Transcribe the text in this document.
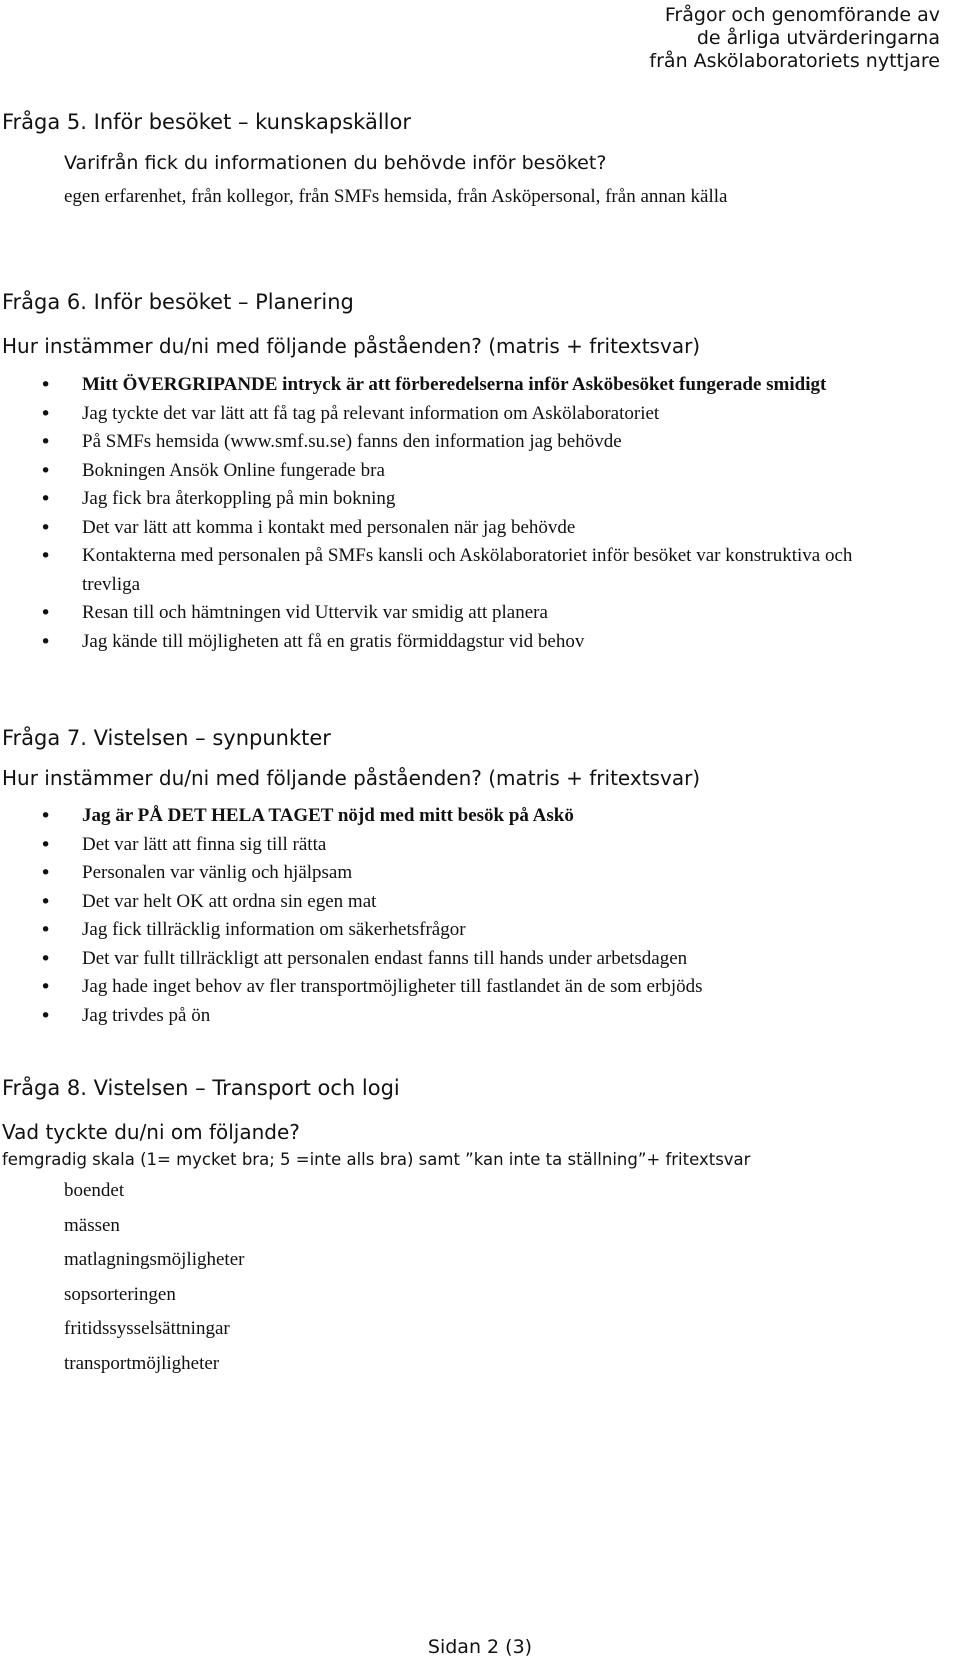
Frågor och genomförande av
de årliga utvärderingarna
från Askölaboratoriets nyttjare
Fråga 5. Inför besöket – kunskapskällor
Varifrån fick du informationen du behövde inför besöket?
egen erfarenhet, från kollegor, från SMFs hemsida, från Asköpersonal, från annan källa
Fråga 6. Inför besöket – Planering
Hur instämmer du/ni med följande påståenden? (matris + fritextsvar)
• Mitt ÖVERGRIPANDE intryck är att förberedelserna inför Asköbesöket fungerade smidigt
• Jag tyckte det var lätt att få tag på relevant information om Askölaboratoriet
• På SMFs hemsida (www.smf.su.se) fanns den information jag behövde
• Bokningen Ansök Online fungerade bra
• Jag fick bra återkoppling på min bokning
• Det var lätt att komma i kontakt med personalen när jag behövde
• Kontakterna med personalen på SMFs kansli och Askölaboratoriet inför besöket var konstruktiva och trevliga
• Resan till och hämtningen vid Uttervik var smidig att planera
• Jag kände till möjligheten att få en gratis förmiddagstur vid behov
Fråga 7. Vistelsen – synpunkter
Hur instämmer du/ni med följande påståenden? (matris + fritextsvar)
• Jag är PÅ DET HELA TAGET nöjd med mitt besök på Askö
• Det var lätt att finna sig till rätta
• Personalen var vänlig och hjälpsam
• Det var helt OK att ordna sin egen mat
• Jag fick tillräcklig information om säkerhetsfrågor
• Det var fullt tillräckligt att personalen endast fanns till hands under arbetsdagen
• Jag hade inget behov av fler transportmöjligheter till fastlandet än de som erbjöds
• Jag trivdes på ön
Fråga 8. Vistelsen – Transport och logi
Vad tyckte du/ni om följande?
femgradig skala (1= mycket bra; 5 =inte alls bra) samt ”kan inte ta ställning”+ fritextsvar
boendet
mässen
matlagningsmöjligheter
sopsorteringen
fritidssysselsättningar
transportmöjligheter
Sidan 2 (3)
